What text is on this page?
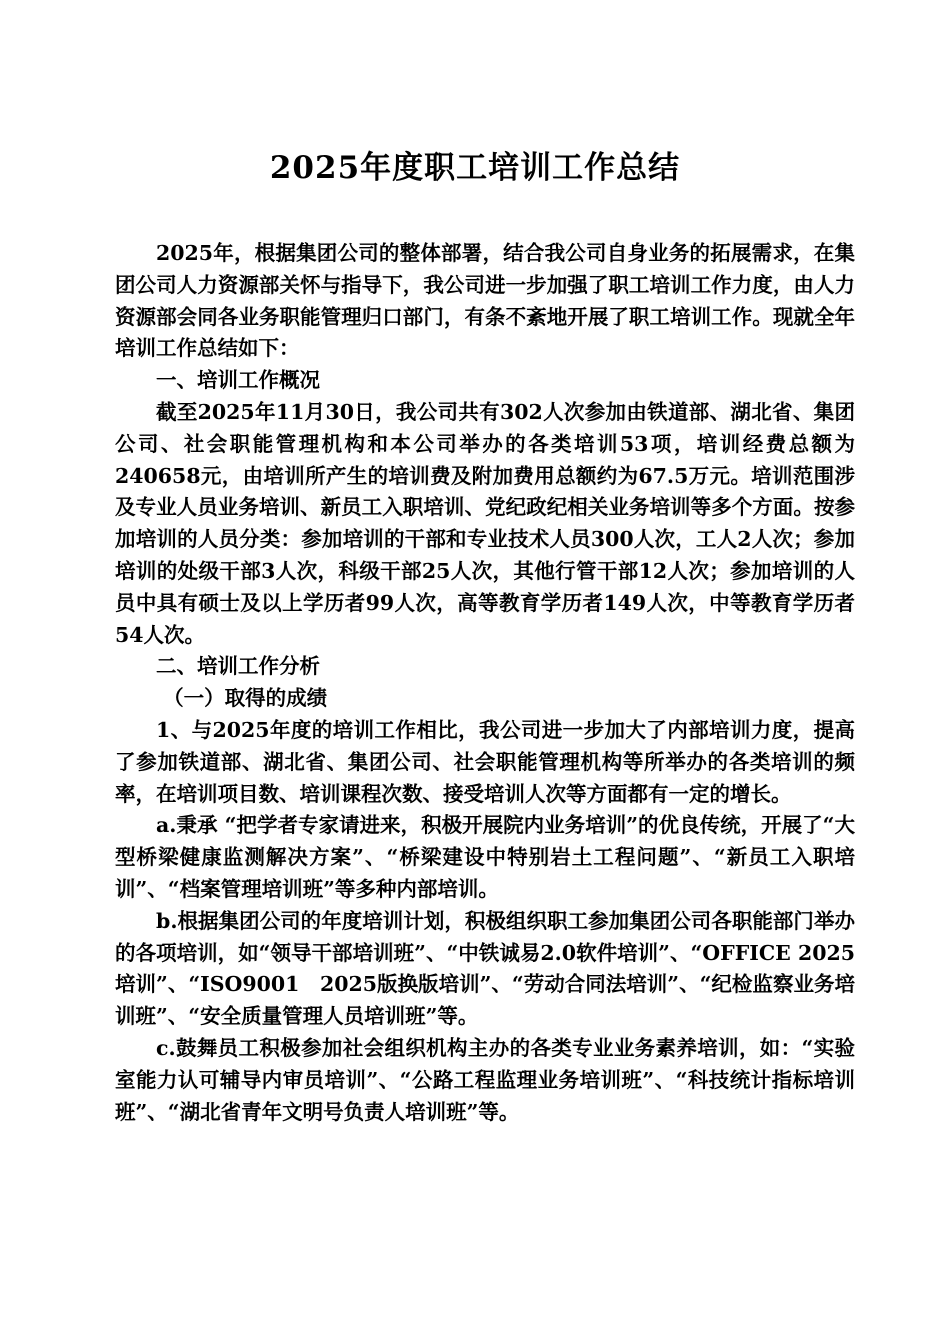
2025年度职工培训工作总结

2025年，根据集团公司的整体部署，结合我公司自身业务的拓展需求，在集团公司人力资源部关怀与指导下，我公司进一步加强了职工培训工作力度，由人力资源部会同各业务职能管理归口部门，有条不紊地开展了职工培训工作。现就全年培训工作总结如下：

一、培训工作概况

截至2025年11月30日，我公司共有302人次参加由铁道部、湖北省、集团公司、社会职能管理机构和本公司举办的各类培训53项，培训经费总额为240658元，由培训所产生的培训费及附加费用总额约为67.5万元。培训范围涉及专业人员业务培训、新员工入职培训、党纪政纪相关业务培训等多个方面。按参加培训的人员分类：参加培训的干部和专业技术人员300人次，工人2人次；参加培训的处级干部3人次，科级干部25人次，其他行管干部12人次；参加培训的人员中具有硕士及以上学历者99人次，高等教育学历者149人次，中等教育学历者54人次。

二、培训工作分析

（一）取得的成绩

1、与2025年度的培训工作相比，我公司进一步加大了内部培训力度，提高了参加铁道部、湖北省、集团公司、社会职能管理机构等所举办的各类培训的频率，在培训项目数、培训课程次数、接受培训人次等方面都有一定的增长。

a.秉承 “把学者专家请进来，积极开展院内业务培训”的优良传统，开展了“大型桥梁健康监测解决方案”、“桥梁建设中特别岩土工程问题”、“新员工入职培训”、“档案管理培训班”等多种内部培训。

b.根据集团公司的年度培训计划，积极组织职工参加集团公司各职能部门举办的各项培训，如“领导干部培训班”、“中铁诚易2.0软件培训”、“OFFICE 2025培训”、“ISO9001　2025版换版培训”、“劳动合同法培训”、“纪检监察业务培训班”、“安全质量管理人员培训班”等。

c.鼓舞员工积极参加社会组织机构主办的各类专业业务素养培训，如：“实验室能力认可辅导内审员培训”、“公路工程监理业务培训班”、“科技统计指标培训班”、“湖北省青年文明号负责人培训班”等。
